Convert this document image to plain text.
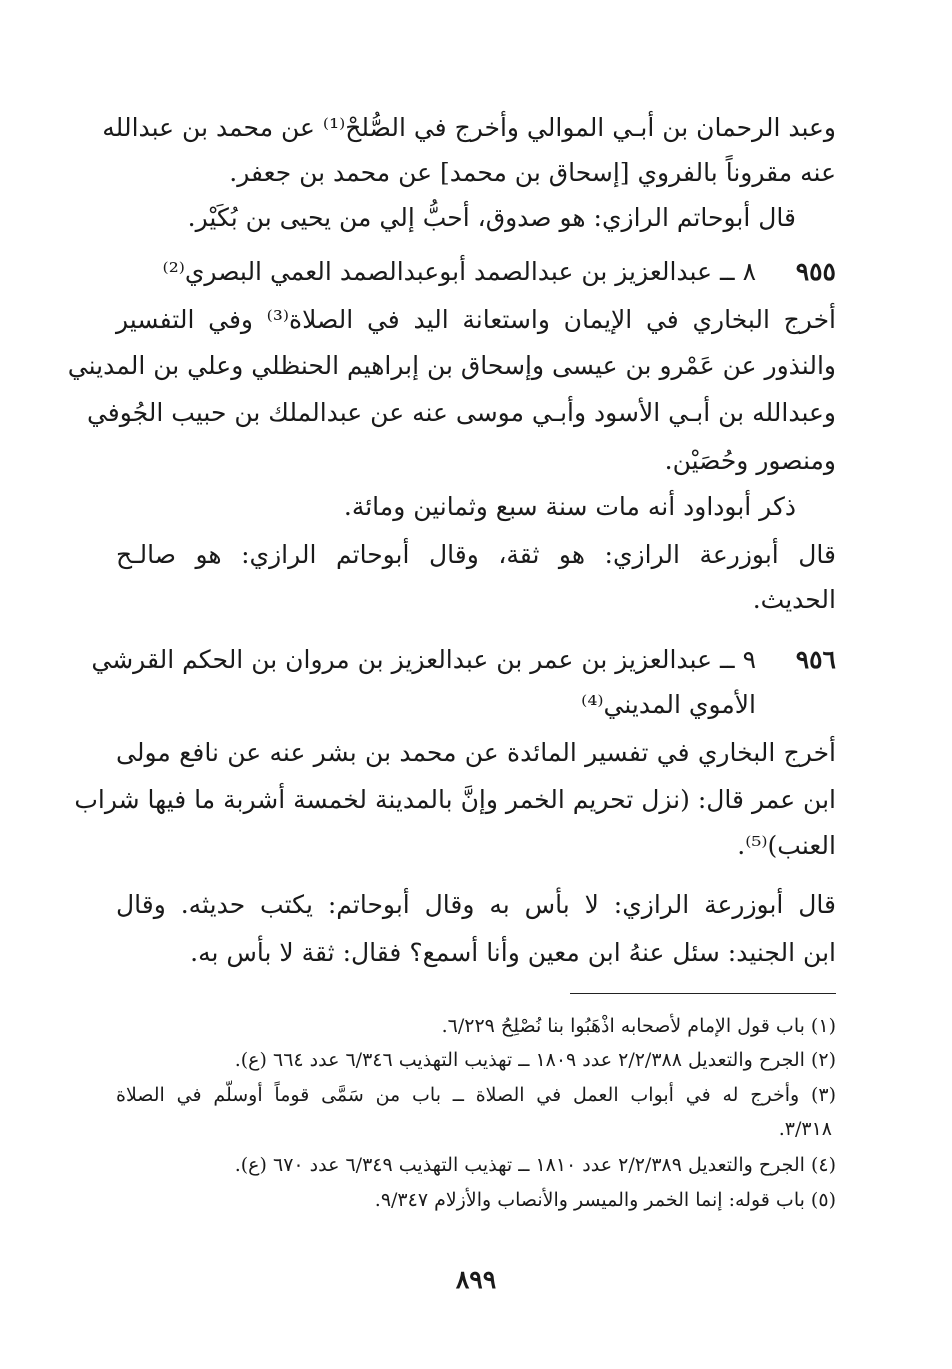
وعبد الرحمان بن أبـي الموالي وأخرج في الصُّلحْ⁽¹⁾ عن محمد بن عبدالله
عنه مقروناً بالفروي [إسحاق بن محمد] عن محمد بن جعفر.
قال أبوحاتم الرازي: هو صدوق، أحبُّ إلي من يحيى بن بُكَيْر.
٩٥٥
٨ ــ عبدالعزيز بن عبدالصمد أبوعبدالصمد العمي البصري⁽²⁾
أخرج البخاري في الإيمان واستعانة اليد في الصلاة⁽³⁾ وفي التفسير
والنذور عن عَمْرو بن عيسى وإسحاق بن إبراهيم الحنظلي وعلي بن المديني
وعبدالله بن أبـي الأسود وأبـي موسى عنه عن عبدالملك بن حبيب الجُوفي
ومنصور وحُصَيْن.
ذكر أبوداود أنه مات سنة سبع وثمانين ومائة.
قال أبوزرعة الرازي: هو ثقة، وقال أبوحاتم الرازي: هو صالـح
الحديث.
٩٥٦
٩ ــ عبدالعزيز بن عمر بن عبدالعزيز بن مروان بن الحكم القرشي
الأموي المديني⁽⁴⁾
أخرج البخاري في تفسير المائدة عن محمد بن بشر عنه عن نافع مولى
ابن عمر قال: (نزل تحريم الخمر وإنَّ بالمدينة لخمسة أشربة ما فيها شراب
العنب)⁽⁵⁾.
قال أبوزرعة الرازي: لا بأس به وقال أبوحاتم: يكتب حديثه. وقال
ابن الجنيد: سئل عنهُ ابن معين وأنا أسمع؟ فقال: ثقة لا بأس به.
(١) باب قول الإمام لأصحابه اذْهَبُوا بنا نُصْلِحُ ٦/٢٢٩.
(٢) الجرح والتعديل ٢/٢/٣٨٨ عدد ١٨٠٩ ــ تهذيب التهذيب ٦/٣٤٦ عدد ٦٦٤ (ع).
(٣) وأخرج له في أبواب العمل في الصلاة ــ باب من سَمَّى قوماً أوسلّم في الصلاة
٣/٣١٨.
(٤) الجرح والتعديل ٢/٢/٣٨٩ عدد ١٨١٠ ــ تهذيب التهذيب ٦/٣٤٩ عدد ٦٧٠ (ع).
(٥) باب قوله: إنما الخمر والميسر والأنصاب والأزلام ٩/٣٤٧.
٨٩٩
